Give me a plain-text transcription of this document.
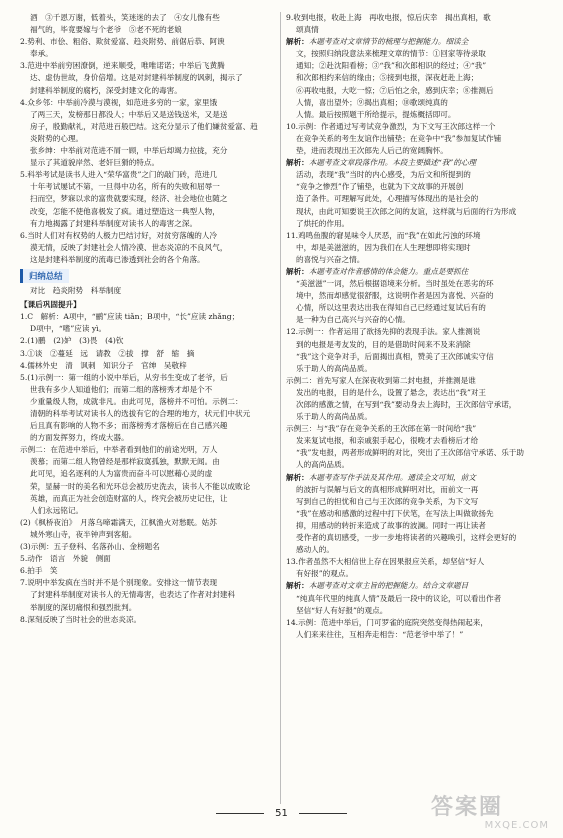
酒　③千恩万谢，低着头，笑迷迷的去了　④女儿像有些
福气的，毕竟要嫁与个老爷　⑤老不死的老娘
2.势利、市侩、粗俗、欺贫爱富、趋炎附势、前倨后恭、阿谀
奉承。
3.范进中举前穷困潦倒，逆来顺受，唯唯诺诺；中举后飞黄腾
达、虚伪世故，身价倍增。这是对封建科举制度的讽刺，揭示了
封建科举制度的腐朽，深受封建文化的毒害。
4.众乡邻：中举前冷漠与漠视，如范进多穷的一家，家里饿
了两三天，发榜那日都没人；中举后又是送钱送米，又是送
房子，殷勤献礼，对范进百般巴结。这充分显示了他们嫌贫爱富、趋
炎附势的心理。
张乡绅：中举前对范进不屑一顾，中举后却竭力拉拢，充分
显示了其道貌岸然、老奸巨猾的特点。
5.科举考试是读书人进入“荣华富贵”之门的敲门砖，范进几
十年考试屡试不第，一旦得中功名，所有的失败和屈辱一
扫而空，梦寐以求的富贵就要实现，经济、社会地位也随之
改变，怎能不使他喜极发了疯。通过塑造这一典型人物，
有力地揭露了封建科举制度对读书人的毒害之深。
6.当时人们对有权势的人极力巴结讨好，对贫穷落魄的人冷
漠无情，反映了封建社会人情冷漠、世态炎凉的不良风气，
这是封建科举制度的流毒已渗透到社会的各个角落。
归纳总结
对比　趋炎附势　科举制度
【课后巩固提升】
1.C　解析：A项中，“鹂”应读 tiǎn；B项中，“长”应读 zhǎng；
D项中，“嗜”应读 yì。
2.(1)鹏　(2)妒　(3)畏　(4)钦
3.①谈　②蔓延　远　请教　②拔　撑　舒　缩　摘
4.儒林外史　清　讽刺　知识分子　官绅　吴敬梓
5.(1)示例一：第一组的小说中举后，从穷书生变成了老爷，后
世我有多少人知道他们；而第二组的落榜秀才却是个不
少重量级人物，成就非凡。由此可见，落榜并不可怕。示例二：
清朝的科举考试对读书人的选拔有它的合理的地方，状元们中状元
后且真有影响的人物不多；而落榜秀才落榜后在自己感兴趣
的方面发挥努力，终成大器。
示例二：在范进中举后，中举者看到他们的前途光明，万人
羡慕；而第二组人物曾经是那样寂寞孤独，默默无闻。由
此可见，追名逐利的人为富贵而奋斗可以慰藉心灵的虚
荣，显赫一时的美名和光环总会被历史洗去，读书人不能以成败论
英雄，而真正为社会创造财富的人，终究会被历史记住，让
人们永远铭记。
(2)《枫桥夜泊》　月落乌啼霜满天，江枫渔火对愁眠。姑苏
城外寒山寺，夜半钟声到客船。
(3)示例：五子登科、名落孙山、金榜题名
5.动作　语言　外貌　侧面
6.拍手　笑
7.说明中举发疯在当时并不是个别现象。安排这一情节表现
了封建科举制度对读书人的无情毒害，也表达了作者对封建科
举制度的深切痛恨和强烈批判。
8.深刻反映了当时社会的世态炎凉。
9.收到电报，收赴上海　再收电报，惊后庆幸　揭出真相，歌
颂真情
解析：本题考查对文章情节的梳理与把握能力。细读全
文，按照归纳段意法来梳理文章的情节：①回家等待录取
通知；②赴沈阳看榜；③“我”和次郎相识的经过；④“我”
和次郎相约来信的缘由；⑤接到电报，深夜赶赴上海；
⑥再收电报，大吃一惊；⑦后怕之余，感到庆幸；⑧推测后
人情，喜出望外；⑨揭出真相；⑩歌颂纯真的
人情。最后按照题干所给提示，提炼概括即可。
10.示例：作者通过写考试竞争激烈，为下文写王次郎这样一个
在竞争关系的考生友谊作出铺垫；在竞争中“我”参加复试作铺
垫，进而表现出王次郎先人后己的宽阔胸怀。
解析：本题考查文章段落作用。本段主要描述“我”的心理
活动，表现“我”当时的内心感受，为后文和所提到的
“竞争之惨烈”作了铺垫，也就为下文故事的开展创
造了条件。可理解写此处，心理描写体现出的是社会的
现状，由此可知要说王次郎之间的友谊，这样就与后面的行为形成
了烘托的作用。
11.鸡鸣鱼腹的窘晃味令人厌恶，而“我”在如此污浊的环境
中，却是美滋滋的，因为我们在人生理想即将实现时
的喜悦与兴奋之情。
解析：本题考查对作者感情的体会能力。重点是要抓住
“美滋滋”一词，然后根据语境来分析。当时虽处在恶劣的环
境中，然而却感觉很舒服，这说明作者是因为喜悦、兴奋的
心情，所以这里表达出我在得知自己已经通过复试后有的
是一种为自己高兴与兴奋的心情。
12.示例一：作者运用了欲扬先抑的表现手法。家人推测说
到的电报是考友发的，目的是借助时间来不及来消除
“我”这个竞争对手，后面揭出真相，赞美了王次郎诚实守信
乐于助人的高尚品质。
示例二：首先写家人在深夜收到第二封电报，并推测是谁
发出的电报，目的是什么，设置了悬念，表达出“我”对王
次郎的感激之情，在写到“我”要动身去上海时，王次郎信守承诺，
乐于助人的高尚品质。
示例三：与“我”存在竞争关系的王次郎在第一时间给“我”
发来复试电报，和亲戚狠手起心，很晚才去看榜后才给
“我”发电报，两者形成鲜明的对比，突出了王次郎信守承诺、乐于助
人的高尚品质。
解析：本题考查写作手法及其作用。通读全文可知，前文
的波折与误解与后文的真相形成鲜明对比，而前文一再
写到自己的担忧和自己与王次郎的竞争关系，为下文写
“我”在感动和感激的过程中打下伏笔，在写法上叫做欲扬先
抑，用感动的转折来造成了故事的波澜。同时一再让读者
受作者的真切感受，一步一步地将读者的兴趣唤引，这样会更好的
感动人的。
13.作者虽然不大相信世上存在因果报应关系，却坚信“好人
有好报”的观点。
解析：本题考查对文章主旨的把握能力。结合文章题目
“纯真年代里的纯真人情”及最后一段中的议论，可以看出作者
坚信“好人有好报”的观点。
14.示例：范进中举后，门可罗雀的庭院突然变得热闹起来，
人们来来往往，互相奔走相告：“范老爷中举了！”
51	答案圈
MXQE.COM
